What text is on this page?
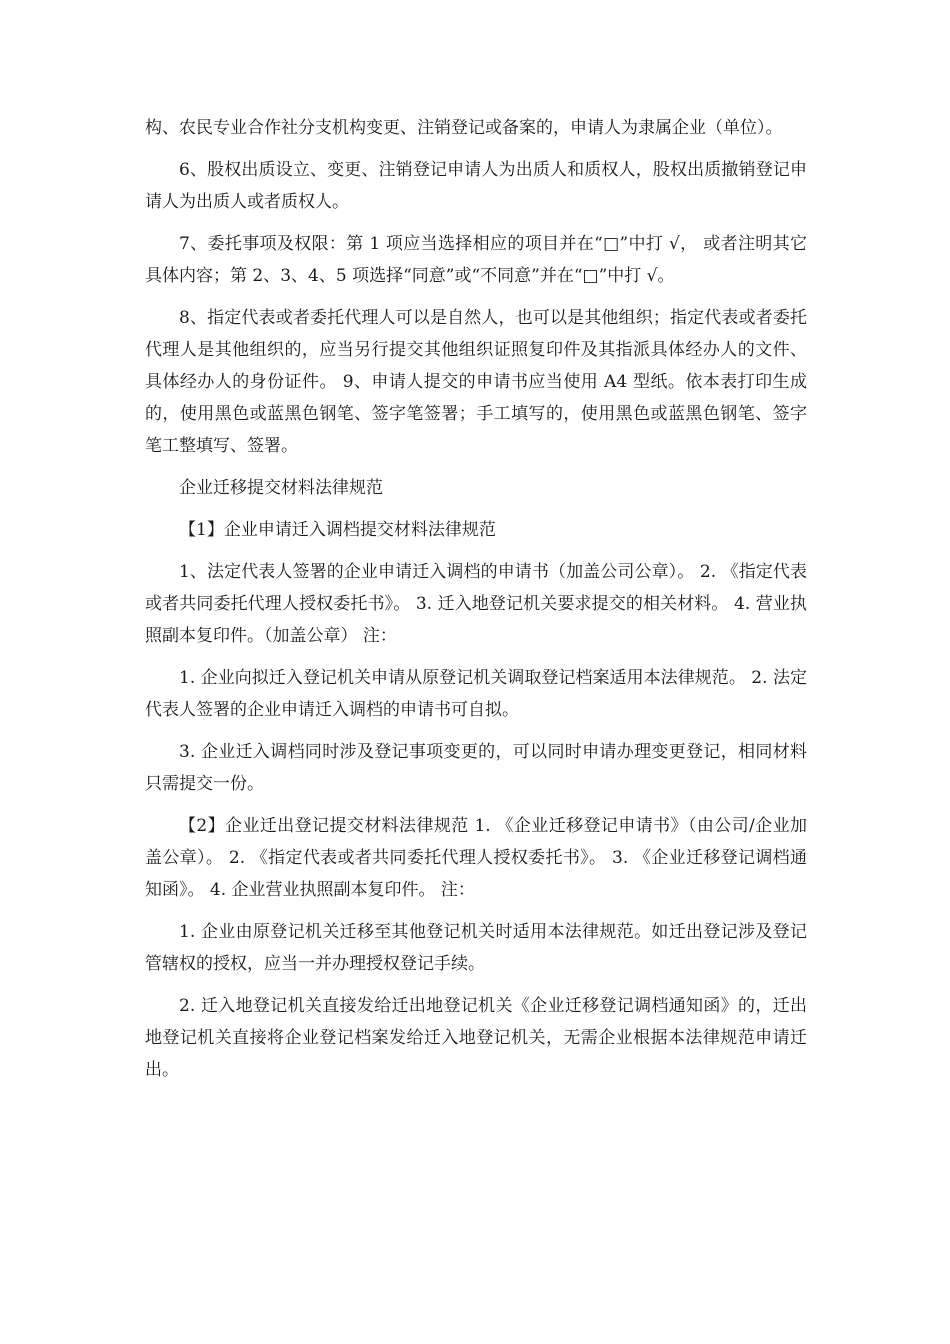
构、农民专业合作社分支机构变更、注销登记或备案的，申请人为隶属企业（单位）。

6、股权出质设立、变更、注销登记申请人为出质人和质权人，股权出质撤销登记申请人为出质人或者质权人。

7、委托事项及权限：第 1 项应当选择相应的项目并在“□”中打 √， 或者注明其它具体内容；第 2、3、4、5 项选择“同意”或“不同意”并在“□”中打 √。

8、指定代表或者委托代理人可以是自然人，也可以是其他组织；指定代表或者委托代理人是其他组织的，应当另行提交其他组织证照复印件及其指派具体经办人的文件、具体经办人的身份证件。 9、申请人提交的申请书应当使用 A4 型纸。依本表打印生成的，使用黑色或蓝黑色钢笔、签字笔签署；手工填写的，使用黑色或蓝黑色钢笔、签字笔工整填写、签署。

企业迁移提交材料法律规范

【1】企业申请迁入调档提交材料法律规范

1、法定代表人签署的企业申请迁入调档的申请书（加盖公司公章）。 2. 《指定代表或者共同委托代理人授权委托书》。 3. 迁入地登记机关要求提交的相关材料。 4. 营业执照副本复印件。（加盖公章） 注：

1. 企业向拟迁入登记机关申请从原登记机关调取登记档案适用本法律规范。 2. 法定代表人签署的企业申请迁入调档的申请书可自拟。

3. 企业迁入调档同时涉及登记事项变更的，可以同时申请办理变更登记，相同材料只需提交一份。

【2】企业迁出登记提交材料法律规范 1. 《企业迁移登记申请书》（由公司/企业加盖公章）。 2. 《指定代表或者共同委托代理人授权委托书》。 3. 《企业迁移登记调档通知函》。 4. 企业营业执照副本复印件。 注：

1. 企业由原登记机关迁移至其他登记机关时适用本法律规范。如迁出登记涉及登记管辖权的授权，应当一并办理授权登记手续。

2. 迁入地登记机关直接发给迁出地登记机关《企业迁移登记调档通知函》的，迁出地登记机关直接将企业登记档案发给迁入地登记机关，无需企业根据本法律规范申请迁出。
